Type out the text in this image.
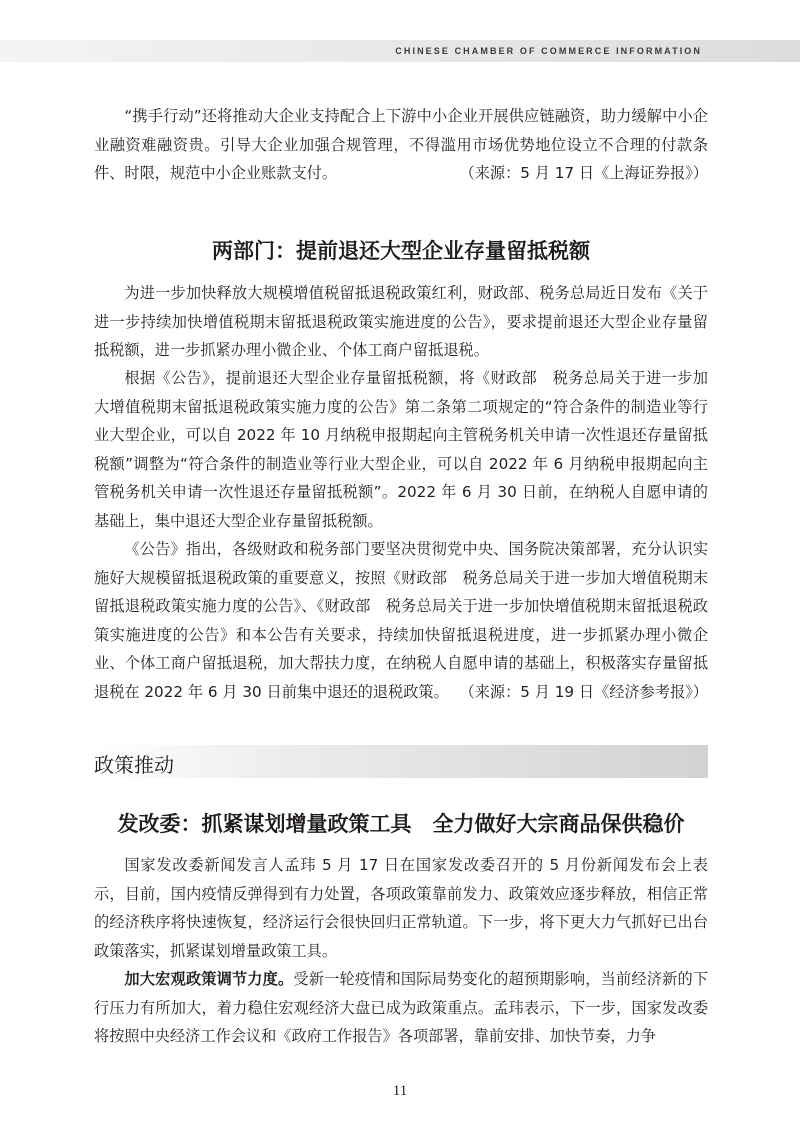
CHINESE CHAMBER OF COMMERCE INFORMATION

“携手行动”还将推动大企业支持配合上下游中小企业开展供应链融资，助力缓解中小企业融资难融资贵。引导大企业加强合规管理，不得滥用市场优势地位设立不合理的付款条件、时限，规范中小企业账款支付。	（来源：5 月 17 日《上海证券报》）

两部门：提前退还大型企业存量留抵税额

为进一步加快释放大规模增值税留抵退税政策红利，财政部、税务总局近日发布《关于进一步持续加快增值税期末留抵退税政策实施进度的公告》，要求提前退还大型企业存量留抵税额，进一步抓紧办理小微企业、个体工商户留抵退税。

根据《公告》，提前退还大型企业存量留抵税额，将《财政部　税务总局关于进一步加大增值税期末留抵退税政策实施力度的公告》第二条第二项规定的“符合条件的制造业等行业大型企业，可以自 2022 年 10 月纳税申报期起向主管税务机关申请一次性退还存量留抵税额”调整为“符合条件的制造业等行业大型企业，可以自 2022 年 6 月纳税申报期起向主管税务机关申请一次性退还存量留抵税额”。2022 年 6 月 30 日前，在纳税人自愿申请的基础上，集中退还大型企业存量留抵税额。

《公告》指出，各级财政和税务部门要坚决贯彻党中央、国务院决策部署，充分认识实施好大规模留抵退税政策的重要意义，按照《财政部　税务总局关于进一步加大增值税期末留抵退税政策实施力度的公告》、《财政部　税务总局关于进一步加快增值税期末留抵退税政策实施进度的公告》和本公告有关要求，持续加快留抵退税进度，进一步抓紧办理小微企业、个体工商户留抵退税，加大帮扶力度，在纳税人自愿申请的基础上，积极落实存量留抵退税在 2022 年 6 月 30 日前集中退还的退税政策。 （来源：5 月 19 日《经济参考报》）

政策推动
发改委：抓紧谋划增量政策工具　全力做好大宗商品保供稳价

国家发改委新闻发言人孟玮 5 月 17 日在国家发改委召开的 5 月份新闻发布会上表示，目前，国内疫情反弹得到有力处置，各项政策靠前发力、政策效应逐步释放，相信正常的经济秩序将快速恢复，经济运行会很快回归正常轨道。下一步，将下更大力气抓好已出台政策落实，抓紧谋划增量政策工具。

加大宏观政策调节力度。受新一轮疫情和国际局势变化的超预期影响，当前经济新的下行压力有所加大，着力稳住宏观经济大盘已成为政策重点。孟玮表示，下一步，国家发改委将按照中央经济工作会议和《政府工作报告》各项部署，靠前安排、加快节奏，力争

11
